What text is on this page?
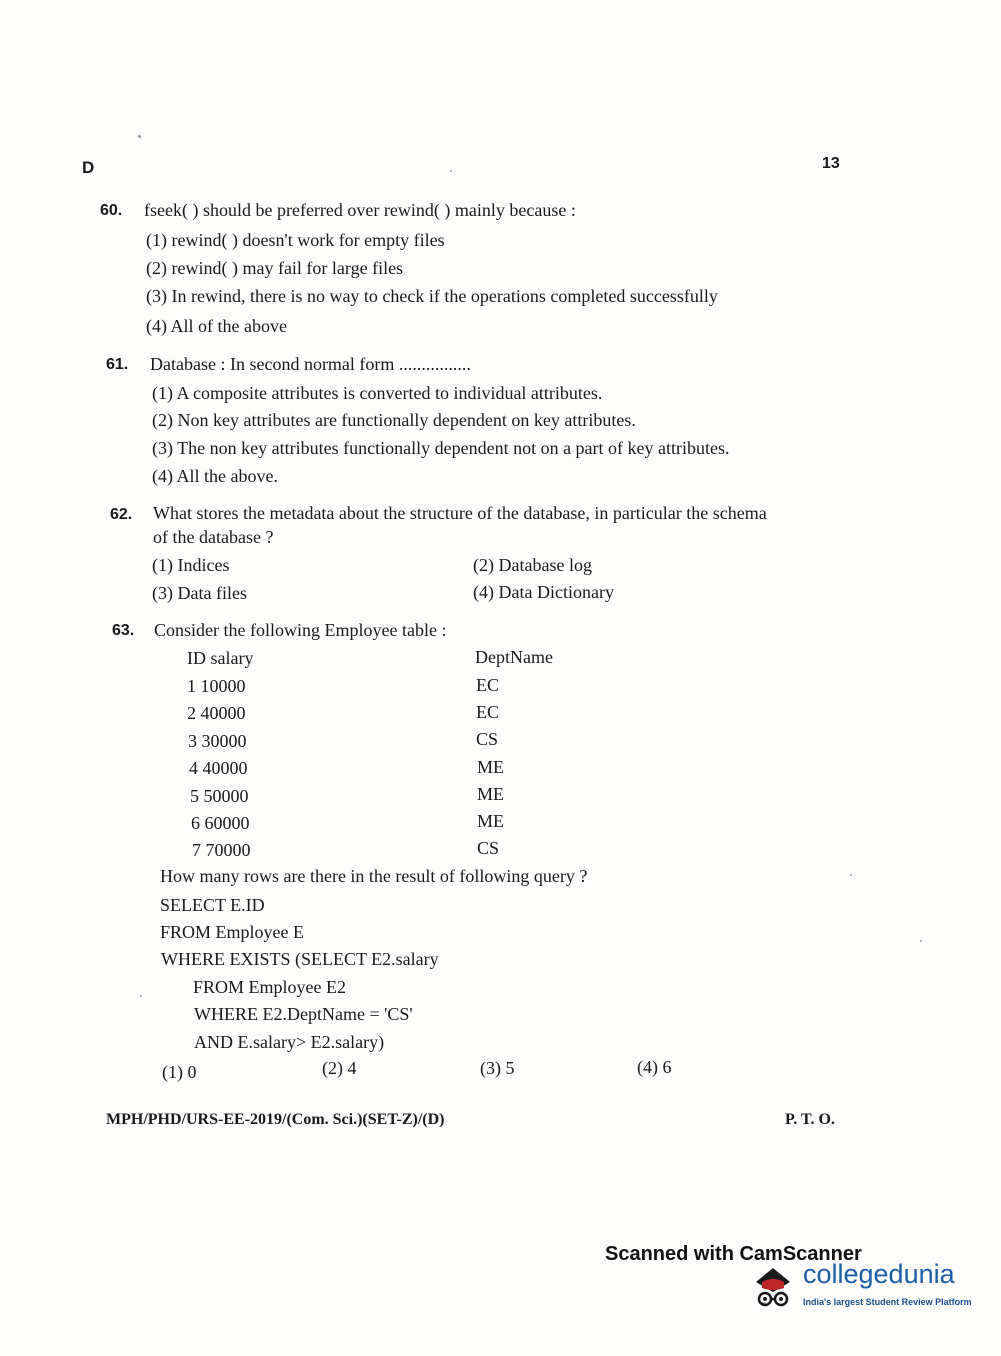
D	13
60. fseek( ) should be preferred over rewind( ) mainly because :
(1) rewind( ) doesn't work for empty files
(2) rewind( ) may fail for large files
(3) In rewind, there is no way to check if the operations completed successfully
(4) All of the above
61. Database : In second normal form ................
(1) A composite attributes is converted to individual attributes.
(2) Non key attributes are functionally dependent on key attributes.
(3) The non key attributes functionally dependent not on a part of key attributes.
(4) All the above.
62. What stores the metadata about the structure of the database, in particular the schema
of the database ?
(1) Indices	(2) Database log
(3) Data files	(4) Data Dictionary
63. Consider the following Employee table :
ID salary	DeptName
1 10000	EC
2 40000	EC
3 30000	CS
4 40000	ME
5 50000	ME
6 60000	ME
7 70000	CS
How many rows are there in the result of following query ?
SELECT E.ID
FROM Employee E
WHERE EXISTS (SELECT E2.salary
FROM Employee E2
WHERE E2.DeptName = 'CS'
AND E.salary> E2.salary)
(1) 0	(2) 4	(3) 5	(4) 6
MPH/PHD/URS-EE-2019/(Com. Sci.)(SET-Z)/(D)	P. T. O.
Scanned with CamScanner
collegedunia
India's largest Student Review Platform
